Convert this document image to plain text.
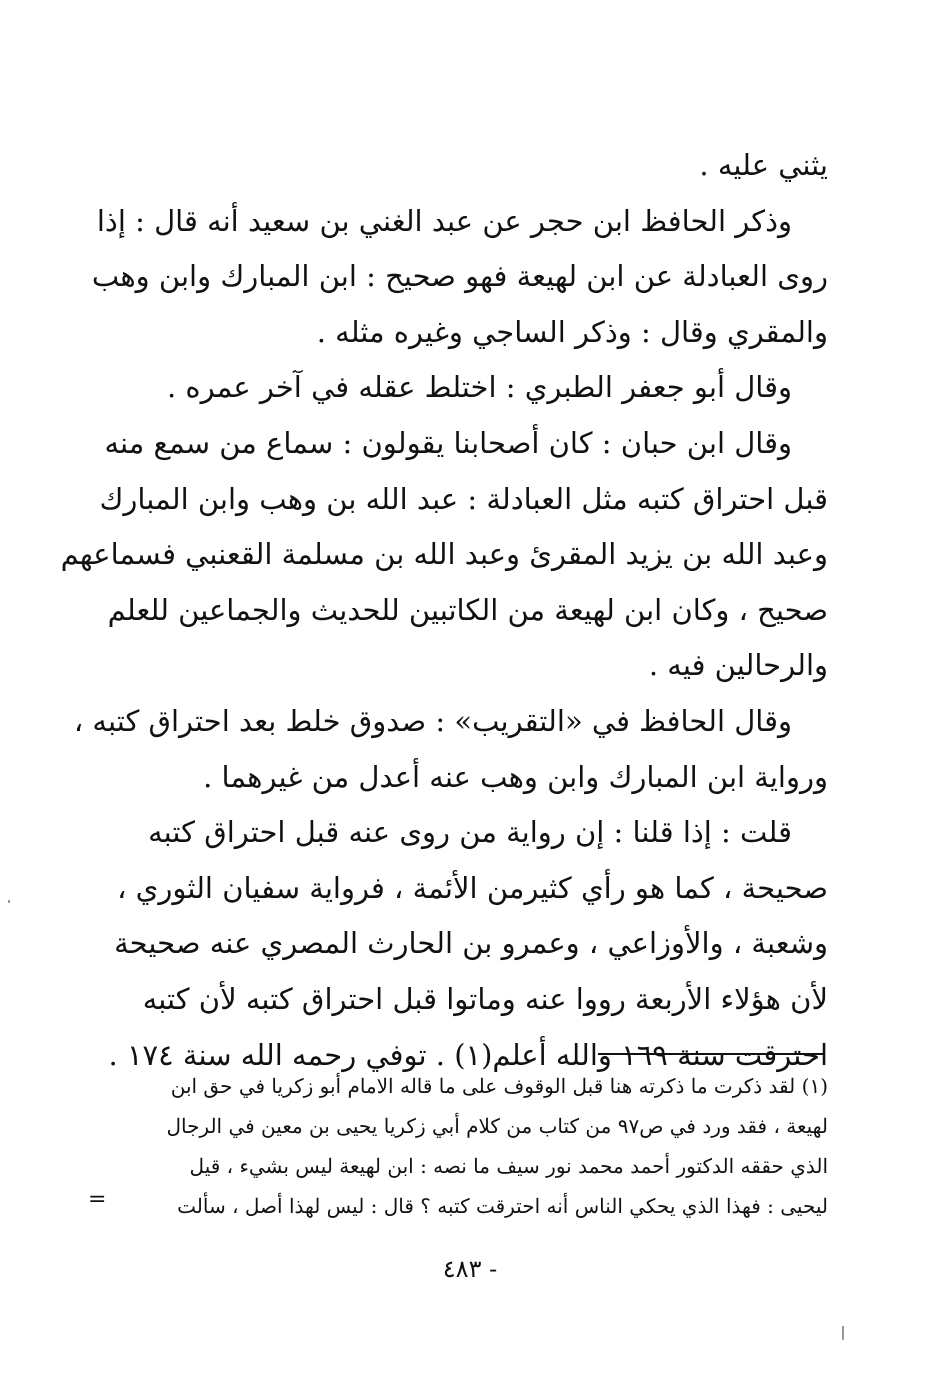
يثني عليه .
وذكر الحافظ ابن حجر عن عبد الغني بن سعيد أنه قال : إذا
روى العبادلة عن ابن لهيعة فهو صحيح : ابن المبارك وابن وهب
والمقري وقال : وذكر الساجي وغيره مثله .
وقال أبو جعفر الطبري : اختلط عقله في آخر عمره .
وقال ابن حبان : كان أصحابنا يقولون : سماع من سمع منه
قبل احتراق كتبه مثل العبادلة : عبد الله بن وهب وابن المبارك
وعبد الله بن يزيد المقرئ وعبد الله بن مسلمة القعنبي فسماعهم
صحيح ، وكان ابن لهيعة من الكاتبين للحديث والجماعين للعلم
والرحالين فيه .
وقال الحافظ في «التقريب» : صدوق خلط بعد احتراق كتبه ،
ورواية ابن المبارك وابن وهب عنه أعدل من غيرهما .
قلت : إذا قلنا : إن رواية من روى عنه قبل احتراق كتبه
صحيحة ، كما هو رأي كثيرمن الأئمة ، فرواية سفيان الثوري ،
وشعبة ، والأوزاعي ، وعمرو بن الحارث المصري عنه صحيحة
لأن هؤلاء الأربعة رووا عنه وماتوا قبل احتراق كتبه لأن كتبه
احترقت سنة ١٦٩ والله أعلم(١) . توفي رحمه الله سنة ١٧٤ .
(١) لقد ذكرت ما ذكرته هنا قبل الوقوف على ما قاله الامام أبو زكريا في حق ابن
لهيعة ، فقد ورد في ص٩٧ من كتاب من كلام أبي زكريا يحيى بن معين في الرجال
الذي حققه الدكتور أحمد محمد نور سيف ما نصه : ابن لهيعة ليس بشيء ، قيل
ليحيى : فهذا الذي يحكي الناس أنه احترقت كتبه ؟ قال : ليس لهذا أصل ، سألت
=
- ٤٨٣
